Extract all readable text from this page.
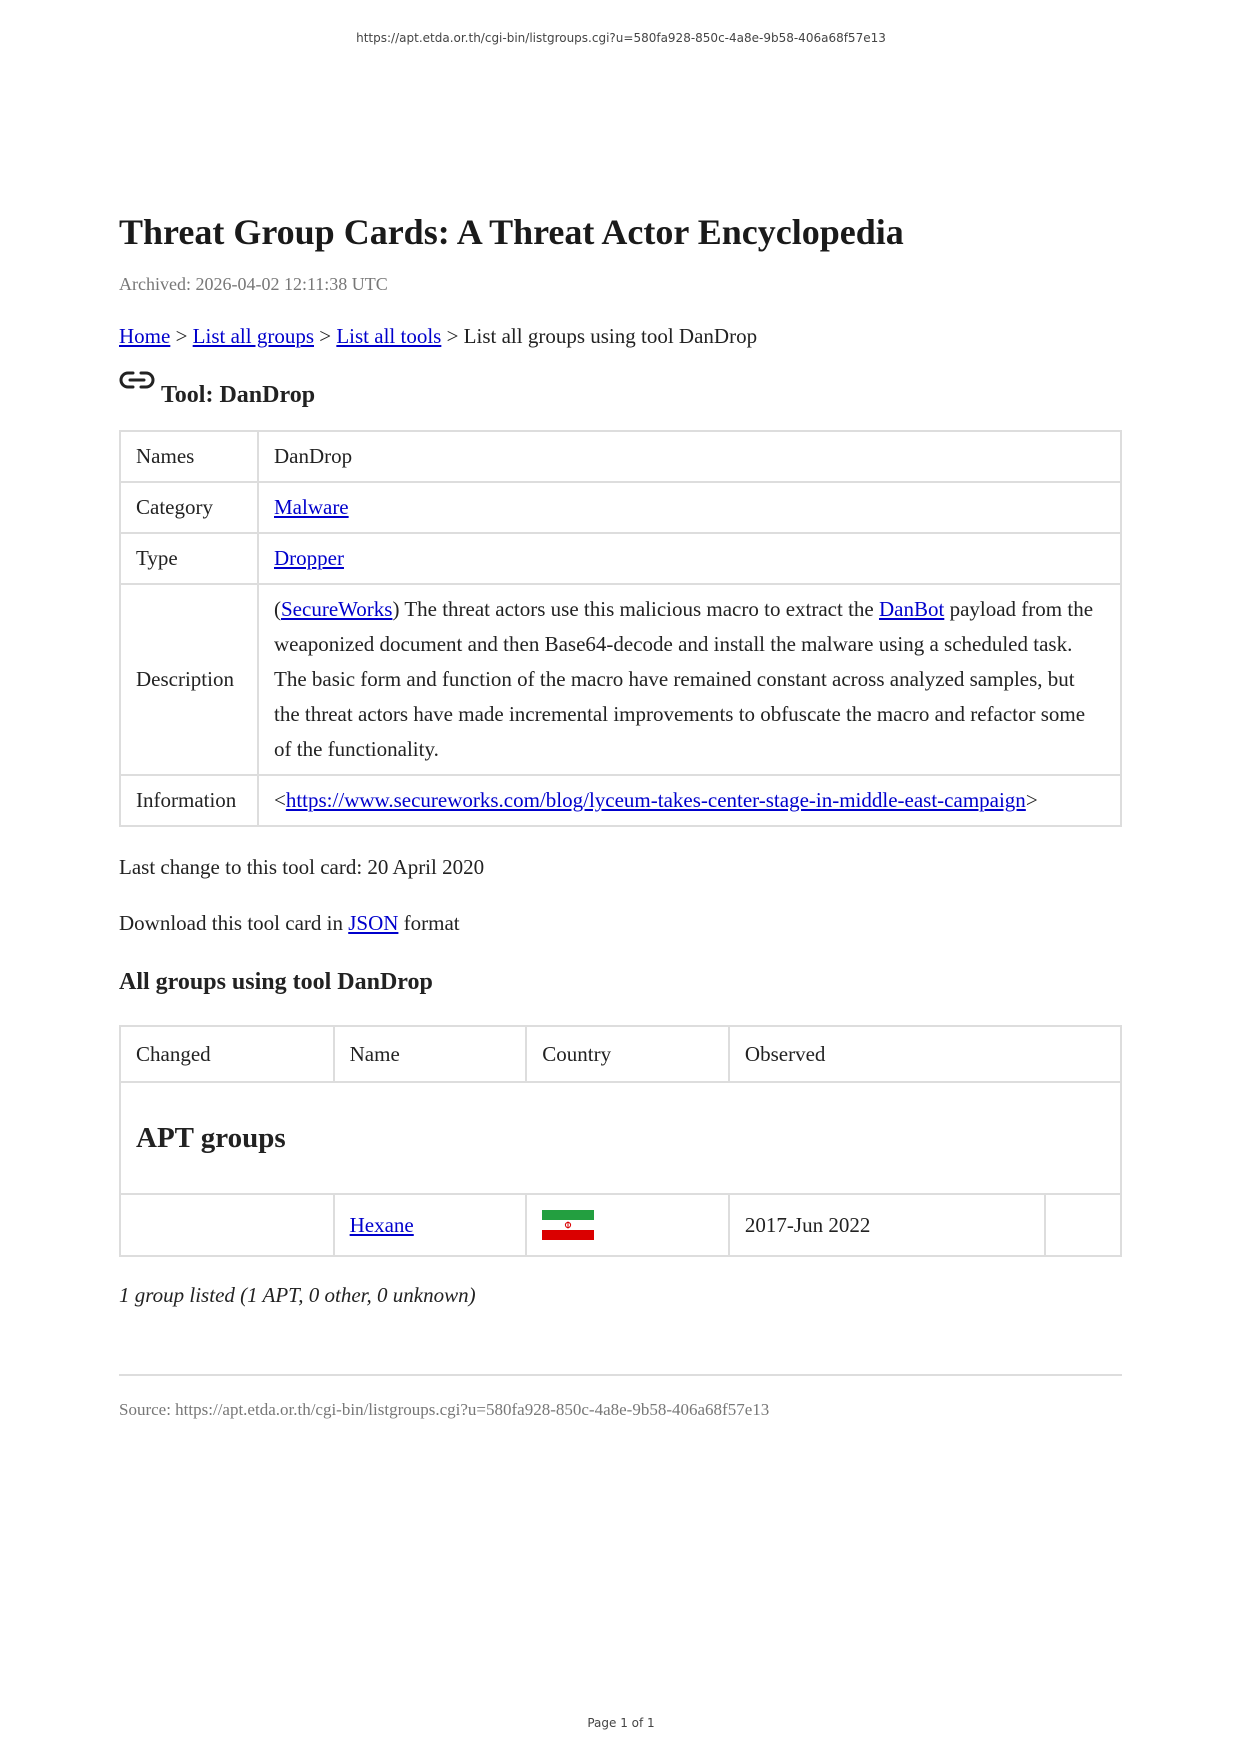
https://apt.etda.or.th/cgi-bin/listgroups.cgi?u=580fa928-850c-4a8e-9b58-406a68f57e13
Threat Group Cards: A Threat Actor Encyclopedia
Archived: 2026-04-02 12:11:38 UTC
Home > List all groups > List all tools > List all groups using tool DanDrop
Tool: DanDrop
Names	DanDrop
Category	Malware
Type	Dropper
Description	(SecureWorks) The threat actors use this malicious macro to extract the DanBot payload from the weaponized document and then Base64-decode and install the malware using a scheduled task. The basic form and function of the macro have remained constant across analyzed samples, but the threat actors have made incremental improvements to obfuscate the macro and refactor some of the functionality.
Information	<https://www.secureworks.com/blog/lyceum-takes-center-stage-in-middle-east-campaign>
Last change to this tool card: 20 April 2020
Download this tool card in JSON format
All groups using tool DanDrop
Changed	Name	Country	Observed	
APT groups				
	Hexane		2017-Jun 2022	
1 group listed (1 APT, 0 other, 0 unknown)
Source: https://apt.etda.or.th/cgi-bin/listgroups.cgi?u=580fa928-850c-4a8e-9b58-406a68f57e13
Page 1 of 1
